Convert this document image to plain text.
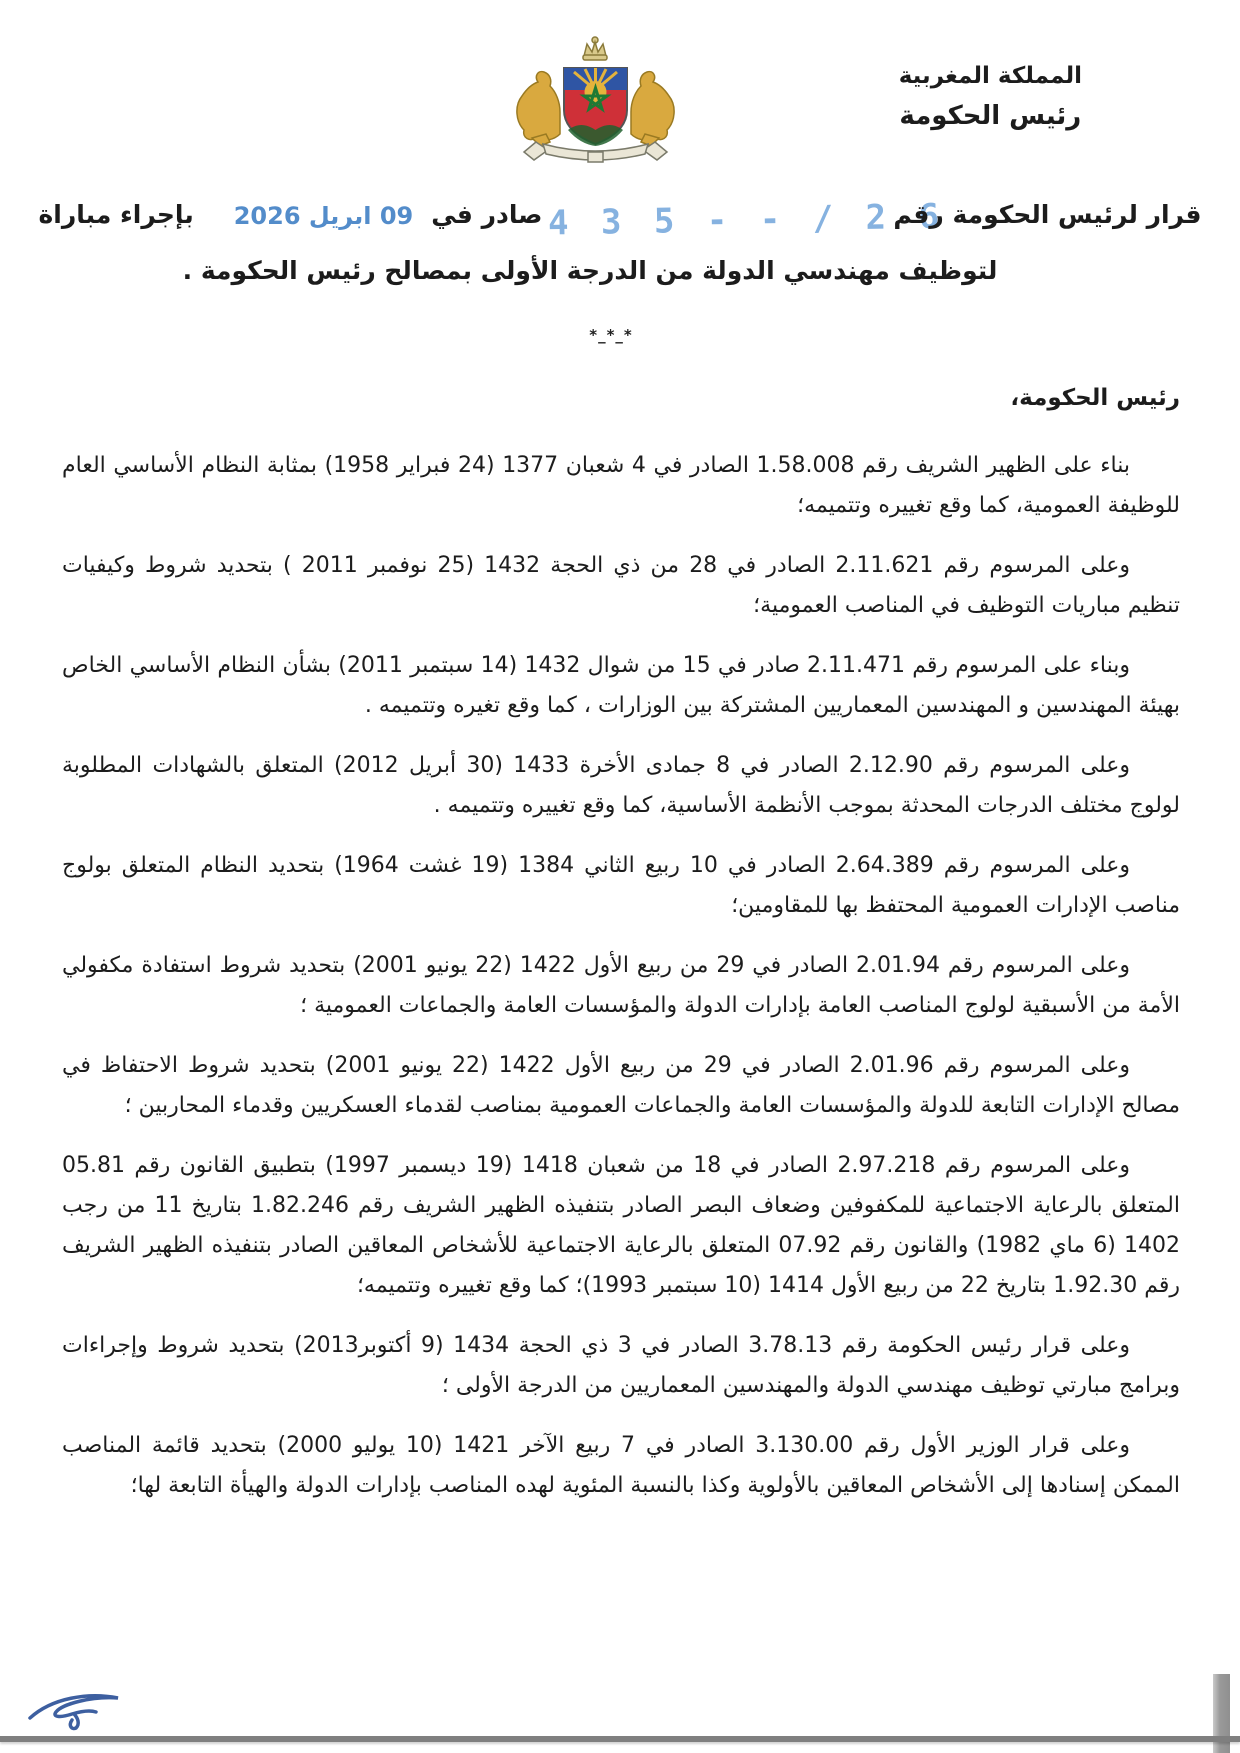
المملكة المغربية
رئيس الحكومة
قرار لرئيس الحكومة رقم
4 3 5 - - / 2 6
صادر في
09 ابريل 2026
بإجراء مباراة
لتوظيف مهندسي الدولة من الدرجة الأولى بمصالح رئيس الحكومة .
*_*_*
رئيس الحكومة،

بناء على الظهير الشريف رقم 1.58.008 الصادر في 4 شعبان 1377 (24 فبراير 1958) بمثابة النظام الأساسي العام للوظيفة العمومية، كما وقع تغييره وتتميمه؛

وعلى المرسوم رقم 2.11.621 الصادر في 28 من ذي الحجة 1432 (25 نوفمبر 2011 ) بتحديد شروط وكيفيات تنظيم مباريات التوظيف في المناصب العمومية؛

وبناء على المرسوم رقم 2.11.471 صادر في 15 من شوال 1432 (14 سبتمبر 2011) بشأن النظام الأساسي الخاص بهيئة المهندسين و المهندسين المعماريين المشتركة بين الوزارات ، كما وقع تغيره وتتميمه .

وعلى المرسوم رقم 2.12.90 الصادر في 8 جمادى الأخرة 1433 (30 أبريل 2012) المتعلق بالشهادات المطلوبة لولوج مختلف الدرجات المحدثة بموجب الأنظمة الأساسية، كما وقع تغييره وتتميمه .

وعلى المرسوم رقم 2.64.389 الصادر في 10 ربيع الثاني 1384 (19 غشت 1964) بتحديد النظام المتعلق بولوج مناصب الإدارات العمومية المحتفظ بها للمقاومين؛

وعلى المرسوم رقم 2.01.94 الصادر في 29 من ربيع الأول 1422 (22 يونيو 2001) بتحديد شروط استفادة مكفولي الأمة من الأسبقية لولوج المناصب العامة بإدارات الدولة والمؤسسات العامة والجماعات العمومية ؛

وعلى المرسوم رقم 2.01.96 الصادر في 29 من ربيع الأول 1422 (22 يونيو 2001) بتحديد شروط الاحتفاظ في مصالح الإدارات التابعة للدولة والمؤسسات العامة والجماعات العمومية بمناصب لقدماء العسكريين وقدماء المحاربين ؛

وعلى المرسوم رقم 2.97.218 الصادر في 18 من شعبان 1418 (19 ديسمبر 1997) بتطبيق القانون رقم 05.81 المتعلق بالرعاية الاجتماعية للمكفوفين وضعاف البصر الصادر بتنفيذه الظهير الشريف رقم 1.82.246 بتاريخ 11 من رجب 1402 (6 ماي 1982) والقانون رقم 07.92 المتعلق بالرعاية الاجتماعية للأشخاص المعاقين الصادر بتنفيذه الظهير الشريف رقم 1.92.30 بتاريخ 22 من ربيع الأول 1414 (10 سبتمبر 1993)؛ كما وقع تغييره وتتميمه؛

وعلى قرار رئيس الحكومة رقم 3.78.13 الصادر في 3 ذي الحجة 1434 (9 أكتوبر2013) بتحديد شروط وإجراءات وبرامج مبارتي توظيف مهندسي الدولة والمهندسين المعماريين من الدرجة الأولى ؛

وعلى قرار الوزير الأول رقم 3.130.00 الصادر في 7 ربيع الآخر 1421 (10 يوليو 2000) بتحديد قائمة المناصب الممكن إسنادها إلى الأشخاص المعاقين بالأولوية وكذا بالنسبة المئوية لهده المناصب بإدارات الدولة والهيأة التابعة لها؛
